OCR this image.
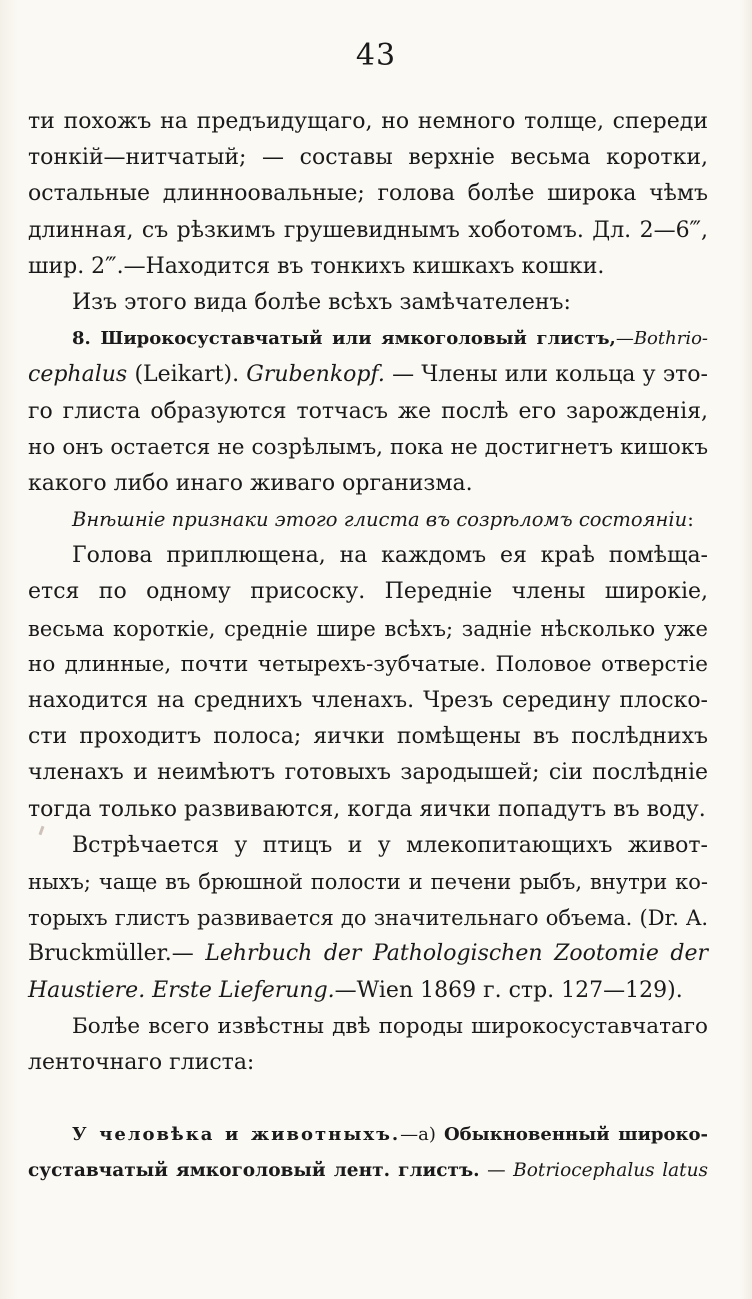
43
ти похожъ на предъидущаго, но немного толще, спереди
тонкій—нитчатый; — составы верхніе весьма коротки,
остальные длинноовальные; голова болѣе широка чѣмъ
длинная, съ рѣзкимъ грушевиднымъ хоботомъ. Дл. 2—6‴,
шир. 2‴.—Находится въ тонкихъ кишкахъ кошки.
Изъ этого вида болѣе всѣхъ замѣчателенъ:
8. Широкосуставчатый или ямкоголовый глистъ,—Bothrio-
cephalus (Leikart). Grubenkopf. — Члены или кольца у это-
го глиста образуются тотчасъ же послѣ его зарожденія,
но онъ остается не созрѣлымъ, пока не достигнетъ кишокъ
какого либо инаго живаго организма.
Внѣшніе признаки этого глиста въ созрѣломъ состояніи:
Голова приплющена, на каждомъ ея краѣ помѣща-
ется по одному присоску. Передніе члены широкіе,
весьма короткіе, средніе шире всѣхъ; задніе нѣсколько уже
но длинные, почти четырехъ-зубчатые. Половое отверстіе
находится на среднихъ членахъ. Чрезъ середину плоско-
сти проходитъ полоса; яички помѣщены въ послѣднихъ
членахъ и неимѣютъ готовыхъ зародышей; сіи послѣдніе
тогда только развиваются, когда яички попадутъ въ воду.
Встрѣчается у птицъ и у млекопитающихъ живот-
ныхъ; чаще въ брюшной полости и печени рыбъ, внутри ко-
торыхъ глистъ развивается до значительнаго объема. (Dr. A.
Bruckmüller.— Lehrbuch der Pathologischen Zootomie der
Haustiere. Erste Lieferung.—Wien 1869 г. стр. 127—129).
Болѣе всего извѣстны двѣ породы широкосуставчатаго
ленточнаго глиста:
У человѣка и животныхъ.—а) Обыкновенный широко-
суставчатый ямкоголовый лент. глистъ. — Botriocephalus latus
